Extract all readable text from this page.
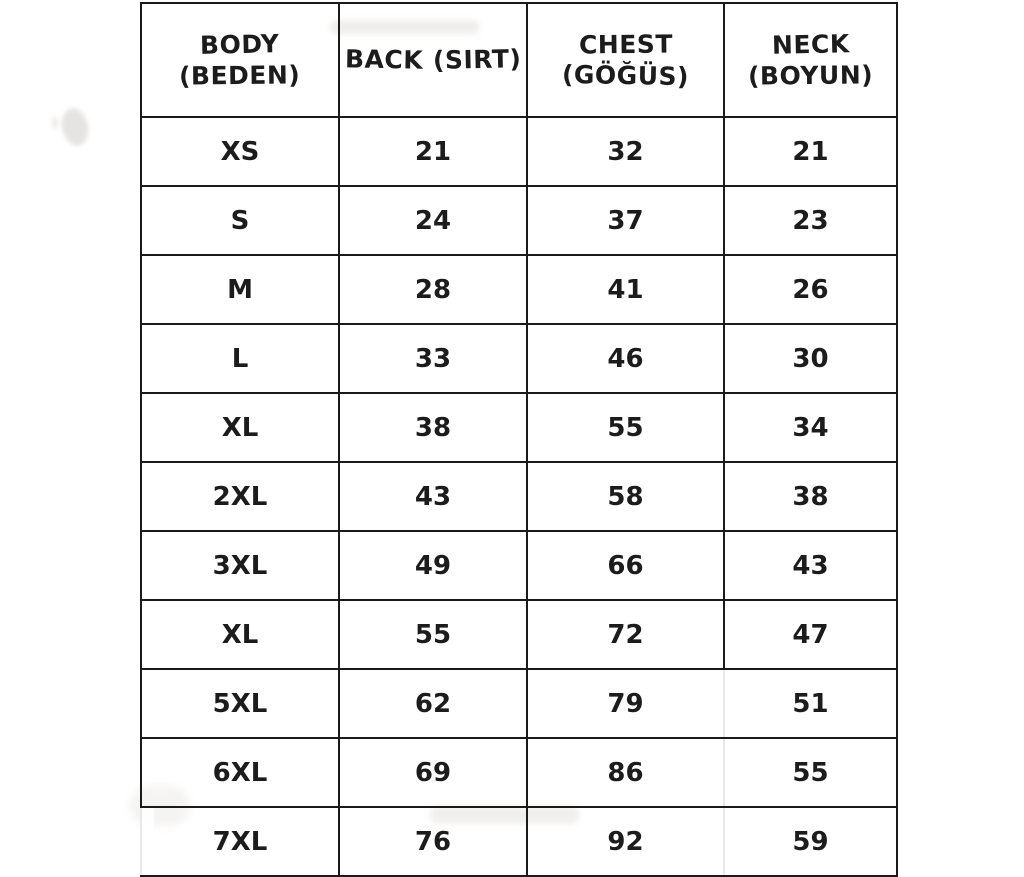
BODY (BEDEN)	BACK (SIRT)	CHEST (GÖĞÜS)	NECK (BOYUN)
XS	21	32	21
S	24	37	23
M	28	41	26
L	33	46	30
XL	38	55	34
2XL	43	58	38
3XL	49	66	43
XL	55	72	47
5XL	62	79	51
6XL	69	86	55
7XL	76	92	59
